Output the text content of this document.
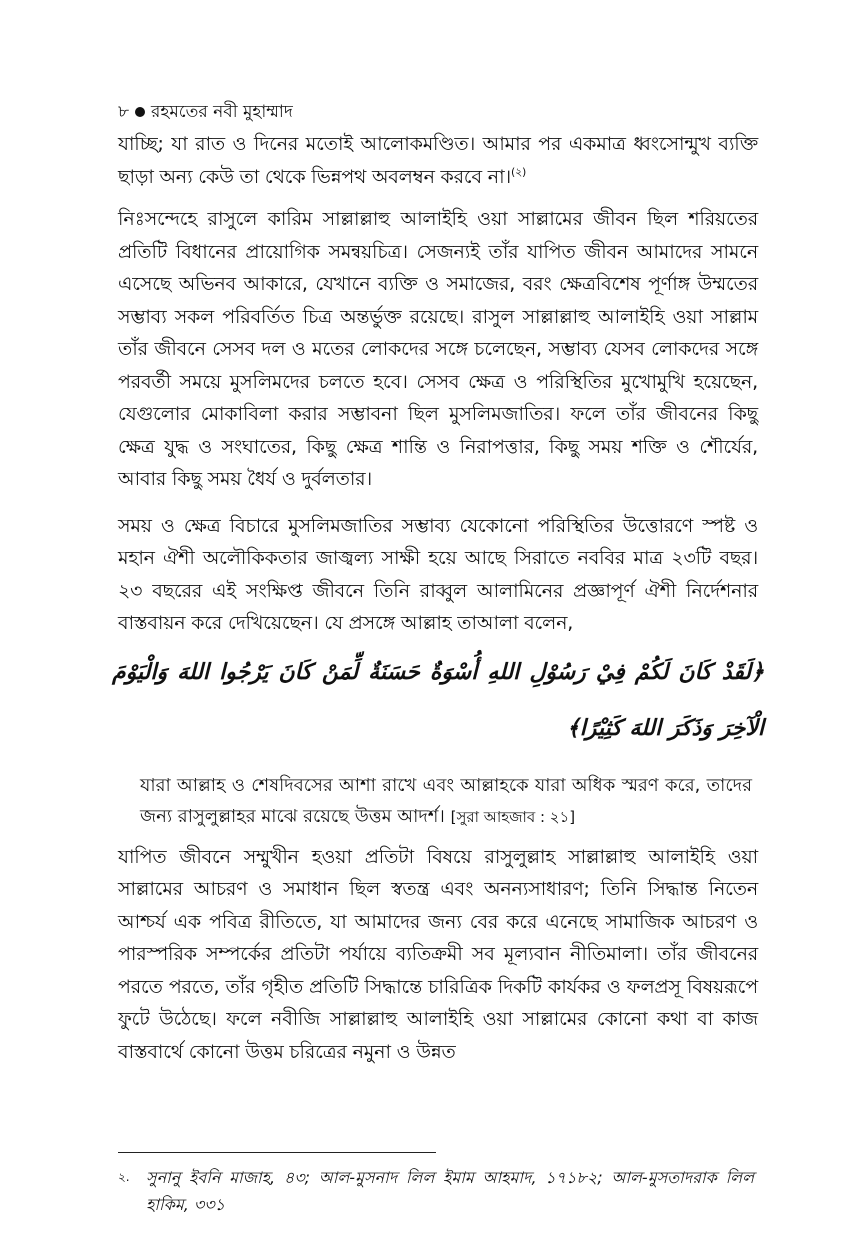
৮ রহমতের নবী মুহাম্মাদ

যাচ্ছি; যা রাত ও দিনের মতোই আলোকমণ্ডিত। আমার পর একমাত্র ধ্বংসোন্মুখ ব্যক্তি ছাড়া অন্য কেউ তা থেকে ভিন্নপথ অবলম্বন করবে না।$^{(২)}$

নিঃসন্দেহে রাসুলে কারিম সাল্লাল্লাহু আলাইহি ওয়া সাল্লামের জীবন ছিল শরিয়তের প্রতিটি বিধানের প্রায়োগিক সমন্বয়চিত্র। সেজন্যই তাঁর যাপিত জীবন আমাদের সামনে এসেছে অভিনব আকারে, যেখানে ব্যক্তি ও সমাজের, বরং ক্ষেত্রবিশেষ পূর্ণাঙ্গ উম্মতের সম্ভাব্য সকল পরিবর্তিত চিত্র অন্তর্ভুক্ত রয়েছে। রাসুল সাল্লাল্লাহু আলাইহি ওয়া সাল্লাম তাঁর জীবনে সেসব দল ও মতের লোকদের সঙ্গে চলেছেন, সম্ভাব্য যেসব লোকদের সঙ্গে পরবর্তী সময়ে মুসলিমদের চলতে হবে। সেসব ক্ষেত্র ও পরিস্থিতির মুখোমুখি হয়েছেন, যেগুলোর মোকাবিলা করার সম্ভাবনা ছিল মুসলিমজাতির। ফলে তাঁর জীবনের কিছু ক্ষেত্র যুদ্ধ ও সংঘাতের, কিছু ক্ষেত্র শান্তি ও নিরাপত্তার, কিছু সময় শক্তি ও শৌর্যের, আবার কিছু সময় ধৈর্য ও দুর্বলতার।

সময় ও ক্ষেত্র বিচারে মুসলিমজাতির সম্ভাব্য যেকোনো পরিস্থিতির উত্তোরণে স্পষ্ট ও মহান ঐশী অলৌকিকতার জাজ্বল্য সাক্ষী হয়ে আছে সিরাতে নববির মাত্র ২৩টি বছর। ২৩ বছরের এই সংক্ষিপ্ত জীবনে তিনি রাব্বুল আলামিনের প্রজ্ঞাপূর্ণ ঐশী নির্দেশনার বাস্তবায়ন করে দেখিয়েছেন। যে প্রসঙ্গে আল্লাহ তাআলা বলেন,

﴿لَقَدْ كَانَ لَكُمْ فِيْ رَسُوْلِ اللهِ أُسْوَةٌ حَسَنَةٌ لِّمَنْ كَانَ يَرْجُوا اللهَ وَالْيَوْمَ
الْآخِرَ وَذَكَرَ اللهَ كَثِيْرًا﴾
যারা আল্লাহ ও শেষদিবসের আশা রাখে এবং আল্লাহকে যারা অধিক স্মরণ করে, তাদের জন্য রাসুলুল্লাহর মাঝে রয়েছে উত্তম আদর্শ। [সুরা আহজাব : ২১]

যাপিত জীবনে সম্মুখীন হওয়া প্রতিটা বিষয়ে রাসুলুল্লাহ সাল্লাল্লাহু আলাইহি ওয়া সাল্লামের আচরণ ও সমাধান ছিল স্বতন্ত্র এবং অনন্যসাধারণ; তিনি সিদ্ধান্ত নিতেন আশ্চর্য এক পবিত্র রীতিতে, যা আমাদের জন্য বের করে এনেছে সামাজিক আচরণ ও পারস্পরিক সম্পর্কের প্রতিটা পর্যায়ে ব্যতিক্রমী সব মূল্যবান নীতিমালা। তাঁর জীবনের পরতে পরতে, তাঁর গৃহীত প্রতিটি সিদ্ধান্তে চারিত্রিক দিকটি কার্যকর ও ফলপ্রসূ বিষয়রূপে ফুটে উঠেছে। ফলে নবীজি সাল্লাল্লাহু আলাইহি ওয়া সাল্লামের কোনো কথা বা কাজ বাস্তবার্থে কোনো উত্তম চরিত্রের নমুনা ও উন্নত

২. সুনানু ইবনি মাজাহ, ৪৩; আল-মুসনাদ লিল ইমাম আহমাদ, ১৭১৮২; আল-মুসতাদরাক লিল হাকিম, ৩৩১
